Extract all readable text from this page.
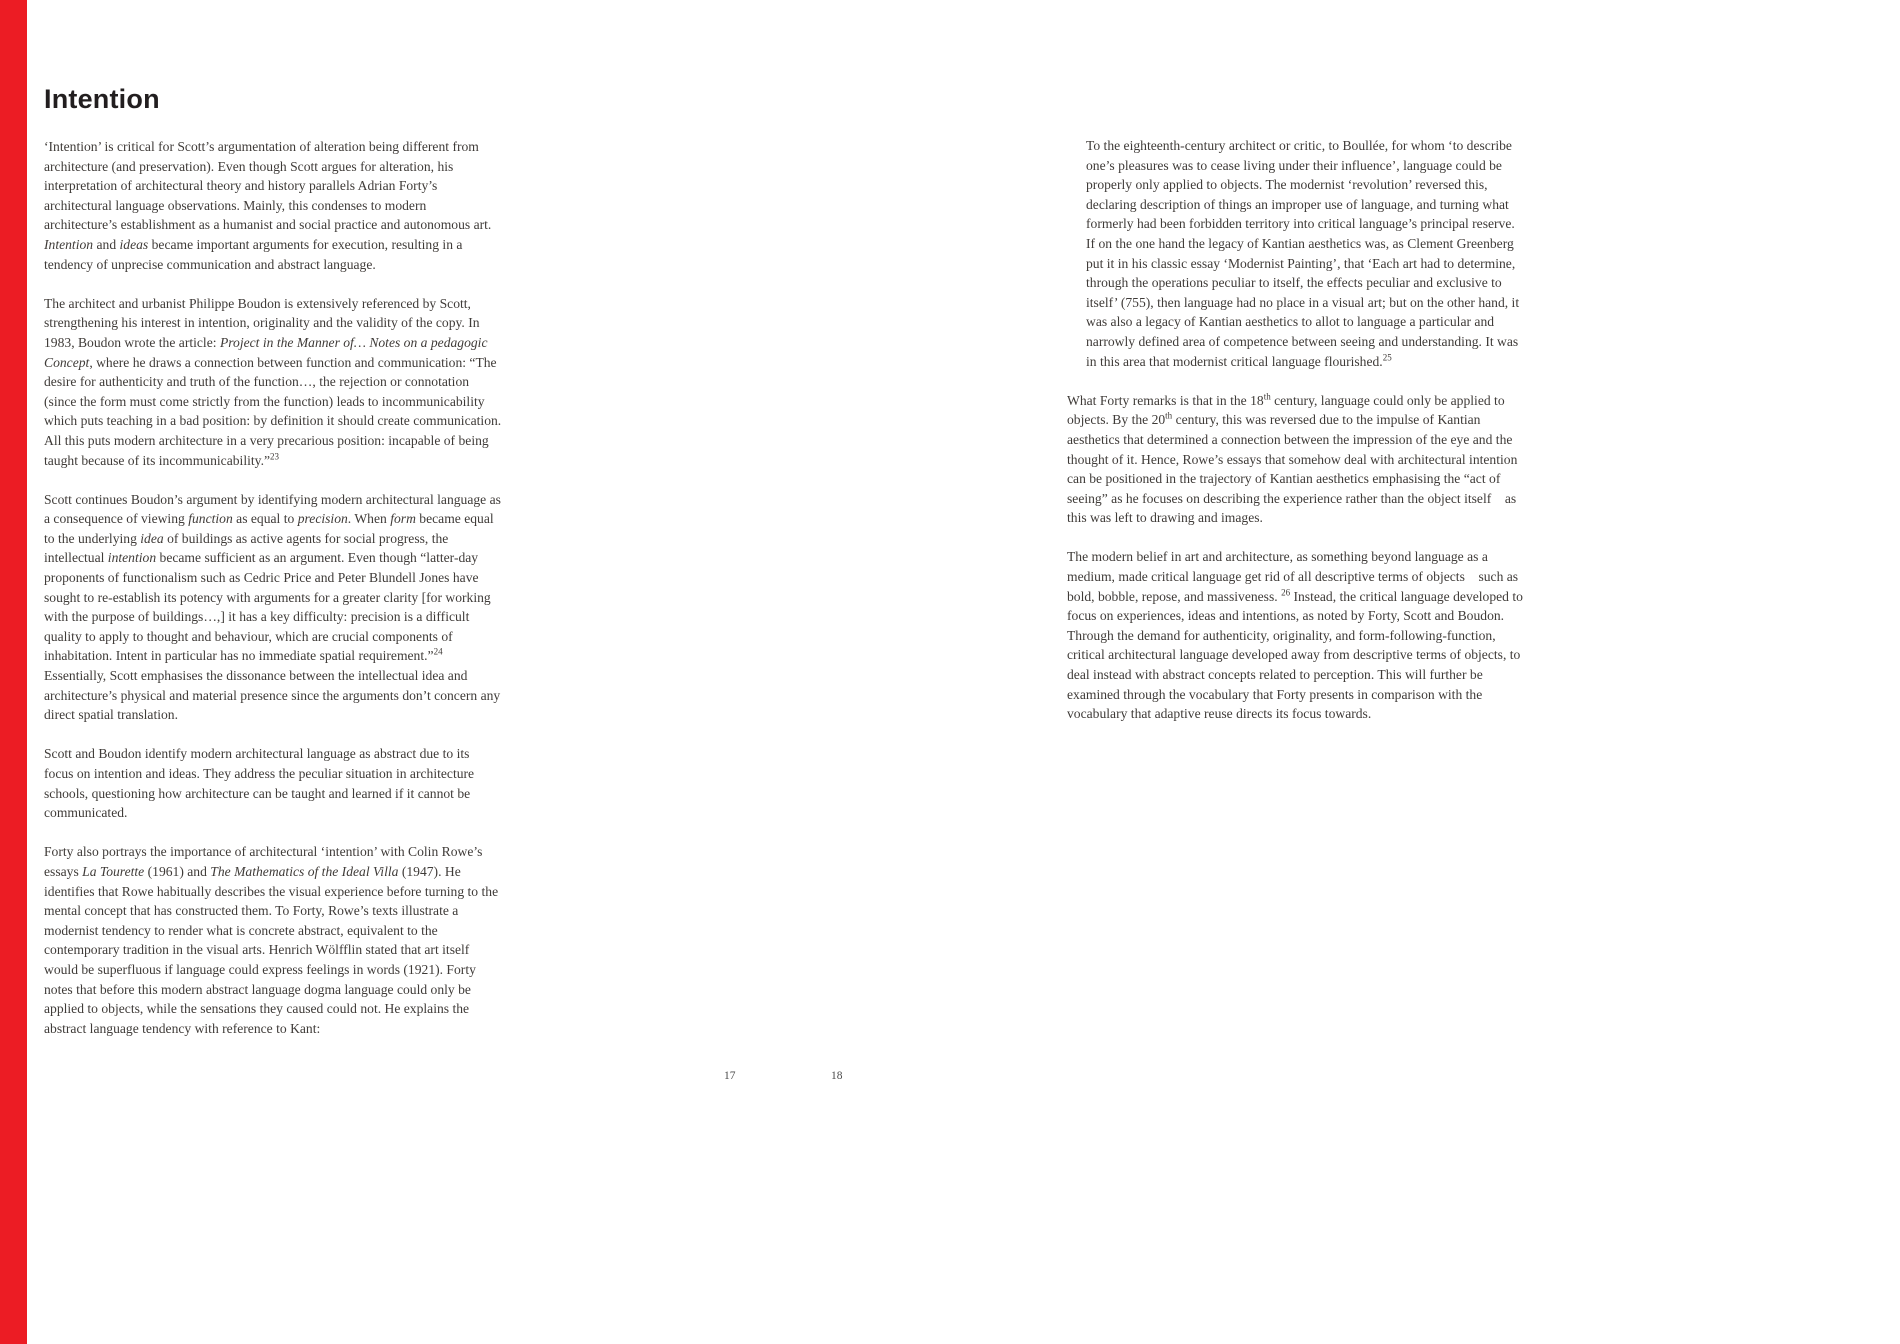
Intention

‘Intention’ is critical for Scott’s argumentation of alteration being different from architecture (and preservation). Even though Scott argues for alteration, his interpretation of architectural theory and history parallels Adrian Forty’s architectural language observations. Mainly, this condenses to modern architecture’s establishment as a humanist and social practice and autonomous art. Intention and ideas became important arguments for execution, resulting in a tendency of unprecise communication and abstract language.

The architect and urbanist Philippe Boudon is extensively referenced by Scott, strengthening his interest in intention, originality and the validity of the copy. In 1983, Boudon wrote the article: Project in the Manner of… Notes on a pedagogic Concept, where he draws a connection between function and communication: “The desire for authenticity and truth of the function…, the rejection or connotation (since the form must come strictly from the function) leads to incommunicability which puts teaching in a bad position: by definition it should create communication. All this puts modern architecture in a very precarious position: incapable of being taught because of its incommunicability.”$^{23}$

Scott continues Boudon’s argument by identifying modern architectural language as a consequence of viewing function as equal to precision. When form became equal to the underlying idea of buildings as active agents for social progress, the intellectual intention became sufficient as an argument. Even though “latter-day proponents of functionalism such as Cedric Price and Peter Blundell Jones have sought to re-establish its potency with arguments for a greater clarity [for working with the purpose of buildings…,] it has a key difficulty: precision is a difficult quality to apply to thought and behaviour, which are crucial components of inhabitation. Intent in particular has no immediate spatial requirement.”$^{24}$ Essentially, Scott emphasises the dissonance between the intellectual idea and architecture’s physical and material presence since the arguments don’t concern any direct spatial translation.

Scott and Boudon identify modern architectural language as abstract due to its focus on intention and ideas. They address the peculiar situation in architecture schools, questioning how architecture can be taught and learned if it cannot be communicated.

Forty also portrays the importance of architectural ‘intention’ with Colin Rowe’s essays La Tourette (1961) and The Mathematics of the Ideal Villa (1947). He identifies that Rowe habitually describes the visual experience before turning to the mental concept that has constructed them. To Forty, Rowe’s texts illustrate a modernist tendency to render what is concrete abstract, equivalent to the contemporary tradition in the visual arts. Henrich Wölfflin stated that art itself would be superfluous if language could express feelings in words (1921). Forty notes that before this modern abstract language dogma language could only be applied to objects, while the sensations they caused could not. He explains the abstract language tendency with reference to Kant:

To the eighteenth-century architect or critic, to Boullée, for whom ‘to describe one’s pleasures was to cease living under their influence’, language could be properly only applied to objects. The modernist ‘revolution’ reversed this, declaring description of things an improper use of language, and turning what formerly had been forbidden territory into critical language’s principal reserve. If on the one hand the legacy of Kantian aesthetics was, as Clement Greenberg put it in his classic essay ‘Modernist Painting’, that ‘Each art had to determine, through the operations peculiar to itself, the effects peculiar and exclusive to itself’ (755), then language had no place in a visual art; but on the other hand, it was also a legacy of Kantian aesthetics to allot to language a particular and narrowly defined area of competence between seeing and understanding. It was in this area that modernist critical language flourished.$^{25}$

What Forty remarks is that in the 18th century, language could only be applied to objects. By the 20th century, this was reversed due to the impulse of Kantian aesthetics that determined a connection between the impression of the eye and the thought of it. Hence, Rowe’s essays that somehow deal with architectural intention can be positioned in the trajectory of Kantian aesthetics emphasising the “act of seeing” as he focuses on describing the experience rather than the object itself as this was left to drawing and images.

The modern belief in art and architecture, as something beyond language as a medium, made critical language get rid of all descriptive terms of objects such as bold, bobble, repose, and massiveness. $^{26}$ Instead, the critical language developed to focus on experiences, ideas and intentions, as noted by Forty, Scott and Boudon. Through the demand for authenticity, originality, and form-following-function, critical architectural language developed away from descriptive terms of objects, to deal instead with abstract concepts related to perception. This will further be examined through the vocabulary that Forty presents in comparison with the vocabulary that adaptive reuse directs its focus towards.

17	18
